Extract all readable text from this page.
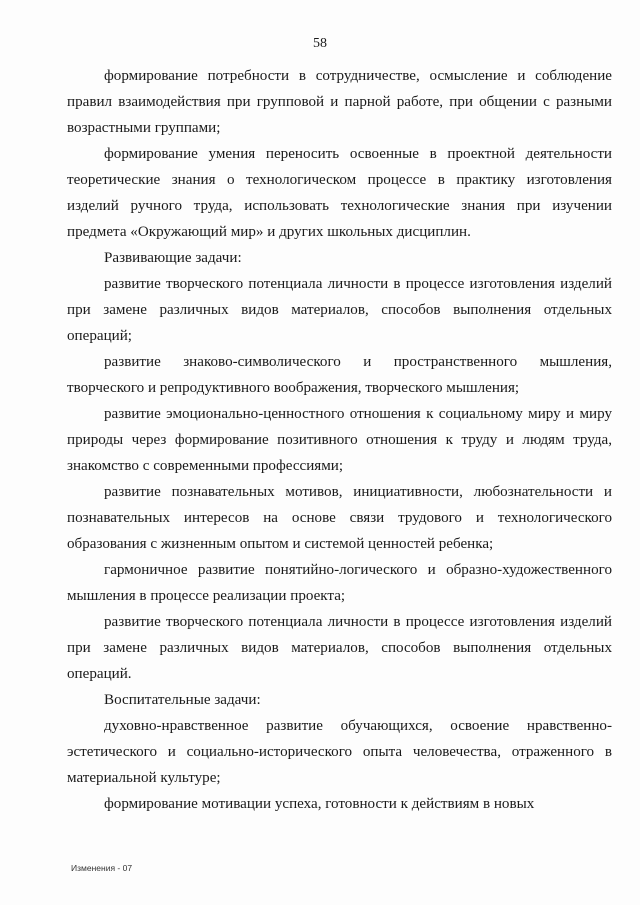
58

формирование потребности в сотрудничестве, осмысление и соблюдение правил взаимодействия при групповой и парной работе, при общении с разными возрастными группами;

формирование умения переносить освоенные в проектной деятельности теоретические знания о технологическом процессе в практику изготовления изделий ручного труда, использовать технологические знания при изучении предмета «Окружающий мир» и других школьных дисциплин.

Развивающие задачи:

развитие творческого потенциала личности в процессе изготовления изделий при замене различных видов материалов, способов выполнения отдельных операций;

развитие знаково-символического и пространственного мышления, творческого и репродуктивного воображения, творческого мышления;

развитие эмоционально-ценностного отношения к социальному миру и миру природы через формирование позитивного отношения к труду и людям труда, знакомство с современными профессиями;

развитие познавательных мотивов, инициативности, любознательности и познавательных интересов на основе связи трудового и технологического образования с жизненным опытом и системой ценностей ребенка;

гармоничное развитие понятийно-логического и образно-художественного мышления в процессе реализации проекта;

развитие творческого потенциала личности в процессе изготовления изделий при замене различных видов материалов, способов выполнения отдельных операций.

Воспитательные задачи:

духовно-нравственное развитие обучающихся, освоение нравственно-эстетического и социально-исторического опыта человечества, отраженного в материальной культуре;

формирование мотивации успеха, готовности к действиям в новых

Изменения - 07
